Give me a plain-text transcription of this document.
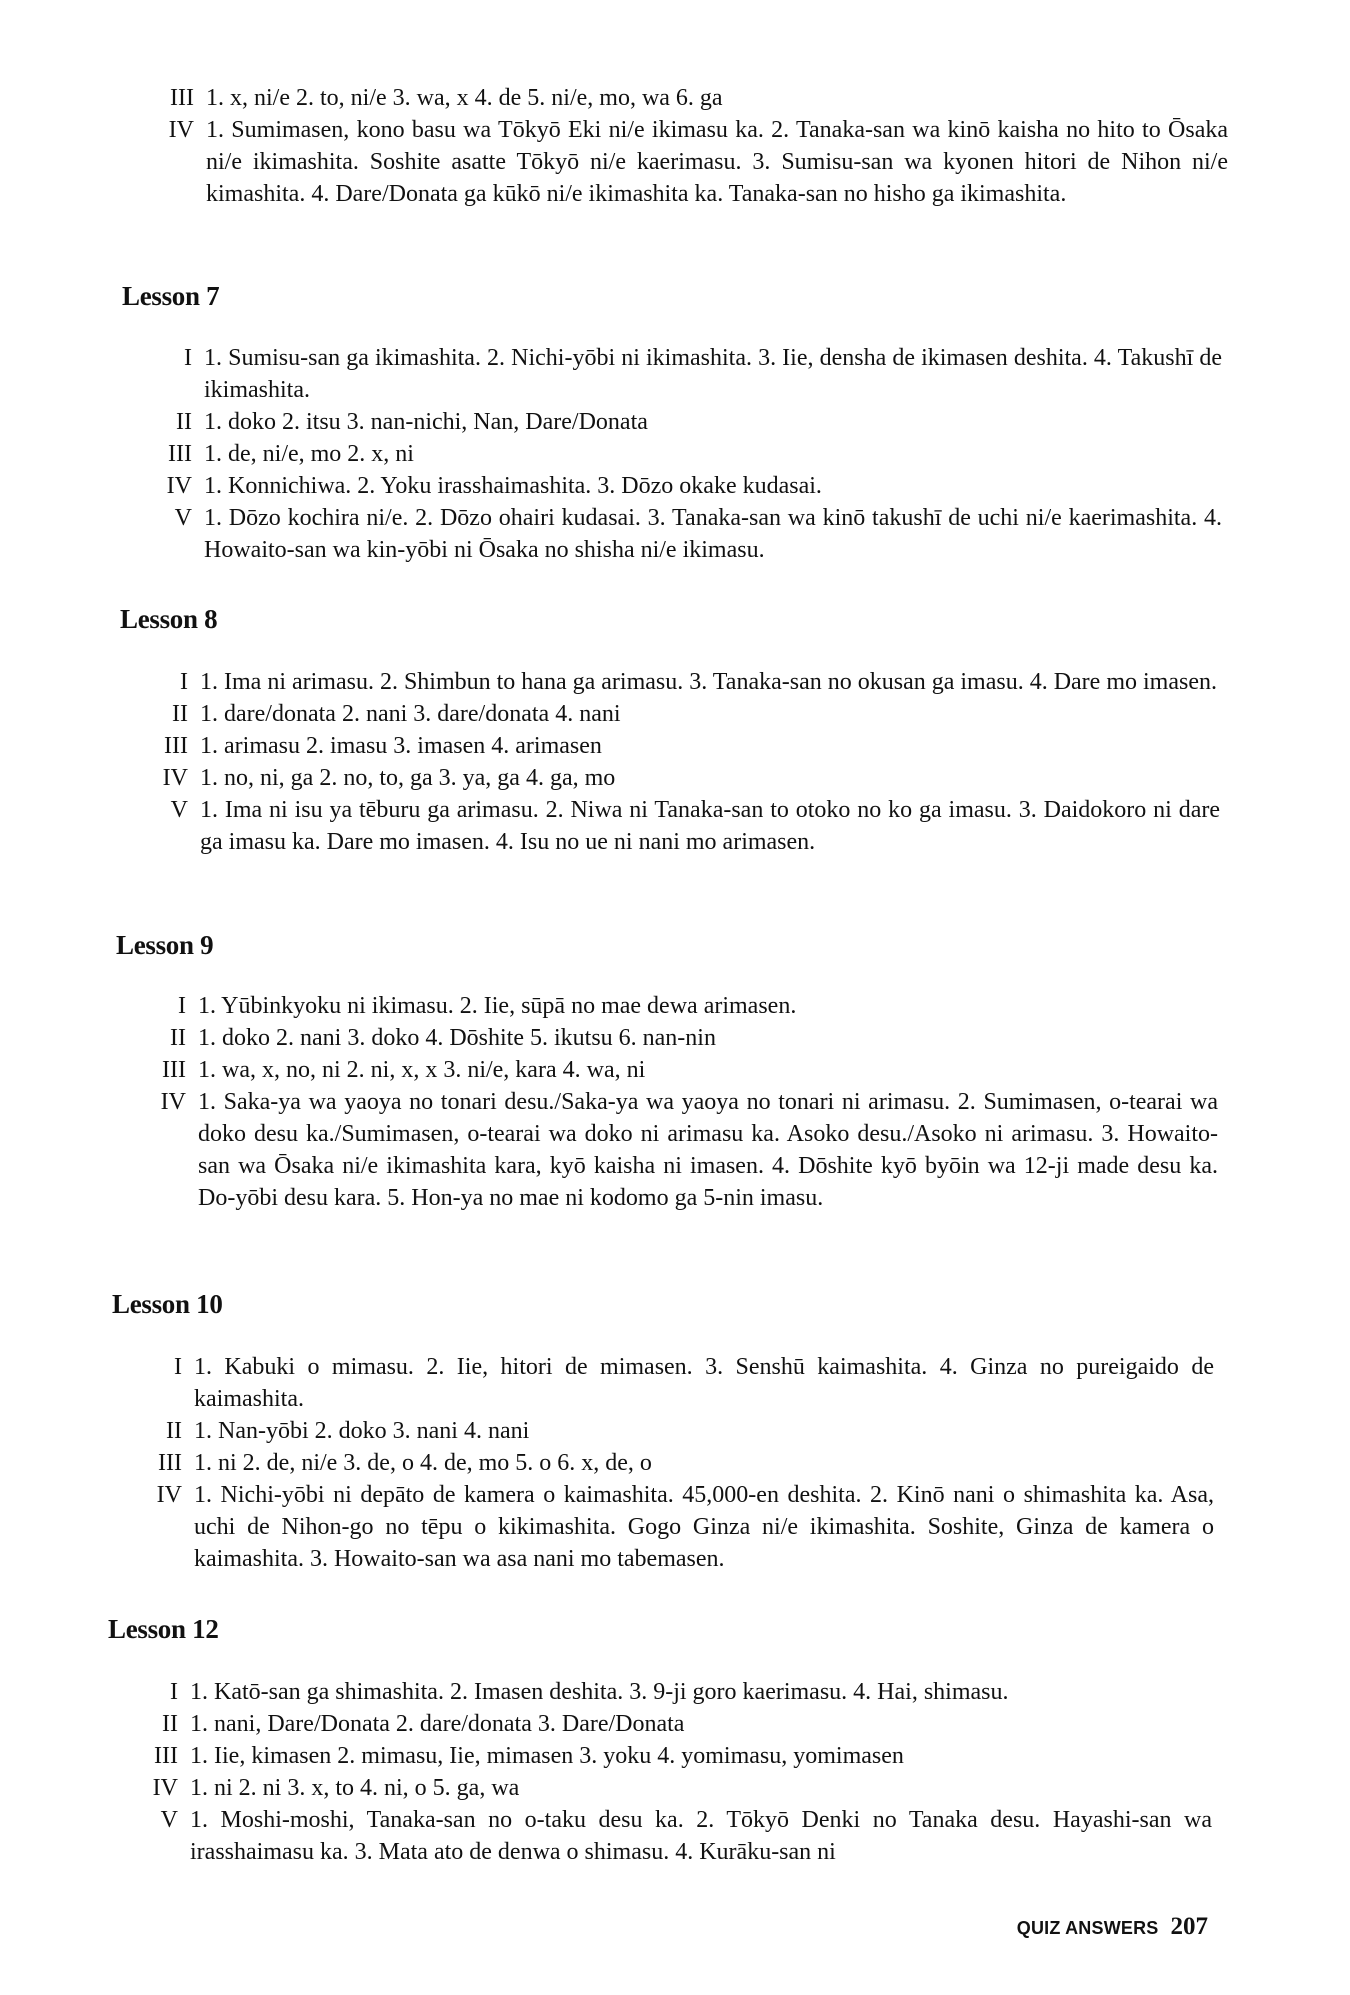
III 1. x, ni/e 2. to, ni/e 3. wa, x 4. de 5. ni/e, mo, wa 6. ga
IV 1. Sumimasen, kono basu wa Tōkyō Eki ni/e ikimasu ka. 2. Tanaka-san wa kinō kaisha no hito to Ōsaka ni/e ikimashita. Soshite asatte Tōkyō ni/e kaerimasu. 3. Sumisu-san wa kyonen hitori de Nihon ni/e kimashita. 4. Dare/Donata ga kūkō ni/e ikimashita ka. Tanaka-san no hisho ga ikimashita.
Lesson 7
I 1. Sumisu-san ga ikimashita. 2. Nichi-yōbi ni ikimashita. 3. Iie, densha de ikimasen deshita. 4. Takushī de ikimashita.
II 1. doko 2. itsu 3. nan-nichi, Nan, Dare/Donata
III 1. de, ni/e, mo 2. x, ni
IV 1. Konnichiwa. 2. Yoku irasshaimashita. 3. Dōzo okake kudasai.
V 1. Dōzo kochira ni/e. 2. Dōzo ohairi kudasai. 3. Tanaka-san wa kinō takushī de uchi ni/e kaerimashita. 4. Howaito-san wa kin-yōbi ni Ōsaka no shisha ni/e ikimasu.
Lesson 8
I 1. Ima ni arimasu. 2. Shimbun to hana ga arimasu. 3. Tanaka-san no okusan ga imasu. 4. Dare mo imasen.
II 1. dare/donata 2. nani 3. dare/donata 4. nani
III 1. arimasu 2. imasu 3. imasen 4. arimasen
IV 1. no, ni, ga 2. no, to, ga 3. ya, ga 4. ga, mo
V 1. Ima ni isu ya tēburu ga arimasu. 2. Niwa ni Tanaka-san to otoko no ko ga imasu. 3. Daidokoro ni dare ga imasu ka. Dare mo imasen. 4. Isu no ue ni nani mo arimasen.
Lesson 9
I 1. Yūbinkyoku ni ikimasu. 2. Iie, sūpā no mae dewa arimasen.
II 1. doko 2. nani 3. doko 4. Dōshite 5. ikutsu 6. nan-nin
III 1. wa, x, no, ni 2. ni, x, x 3. ni/e, kara 4. wa, ni
IV 1. Saka-ya wa yaoya no tonari desu./Saka-ya wa yaoya no tonari ni arimasu. 2. Sumimasen, o-tearai wa doko desu ka./Sumimasen, o-tearai wa doko ni arimasu ka. Asoko desu./Asoko ni arimasu. 3. Howaito-san wa Ōsaka ni/e ikimashita kara, kyō kaisha ni imasen. 4. Dōshite kyō byōin wa 12-ji made desu ka. Do-yōbi desu kara. 5. Hon-ya no mae ni kodomo ga 5-nin imasu.
Lesson 10
I 1. Kabuki o mimasu. 2. Iie, hitori de mimasen. 3. Senshū kaimashita. 4. Ginza no pureigaido de kaimashita.
II 1. Nan-yōbi 2. doko 3. nani 4. nani
III 1. ni 2. de, ni/e 3. de, o 4. de, mo 5. o 6. x, de, o
IV 1. Nichi-yōbi ni depāto de kamera o kaimashita. 45,000-en deshita. 2. Kinō nani o shimashita ka. Asa, uchi de Nihon-go no tēpu o kikimashita. Gogo Ginza ni/e ikimashita. Soshite, Ginza de kamera o kaimashita. 3. Howaito-san wa asa nani mo tabemasen.
Lesson 12
I 1. Katō-san ga shimashita. 2. Imasen deshita. 3. 9-ji goro kaerimasu. 4. Hai, shimasu.
II 1. nani, Dare/Donata 2. dare/donata 3. Dare/Donata
III 1. Iie, kimasen 2. mimasu, Iie, mimasen 3. yoku 4. yomimasu, yomimasen
IV 1. ni 2. ni 3. x, to 4. ni, o 5. ga, wa
V 1. Moshi-moshi, Tanaka-san no o-taku desu ka. 2. Tōkyō Denki no Tanaka desu. Hayashi-san wa irasshaimasu ka. 3. Mata ato de denwa o shimasu. 4. Kurāku-san ni
QUIZ ANSWERS 207
